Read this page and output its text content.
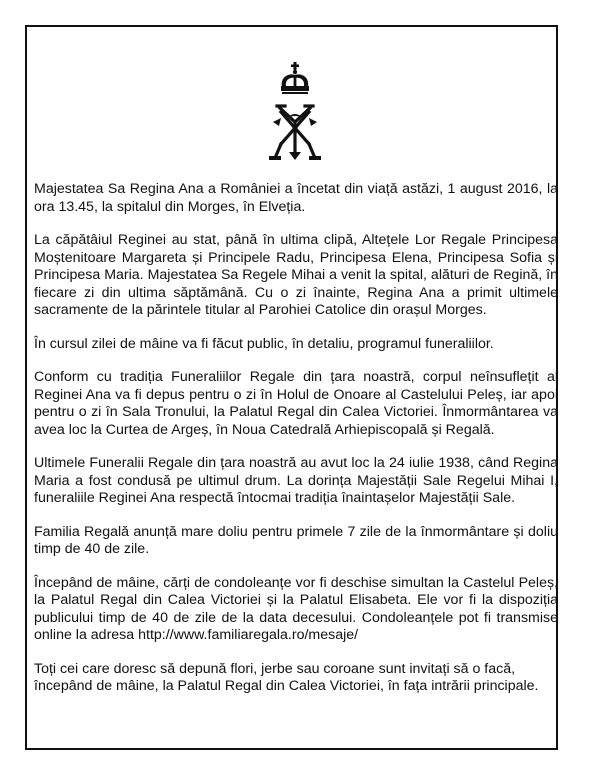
Majestatea Sa Regina Ana a României a încetat din viață astăzi, 1 august 2016, la ora 13.45, la spitalul din Morges, în Elveția.

La căpătâiul Reginei au stat, până în ultima clipă, Altețele Lor Regale Principesa Moștenitoare Margareta și Principele Radu, Principesa Elena, Principesa Sofia și Principesa Maria. Majestatea Sa Regele Mihai a venit la spital, alături de Regină, în fiecare zi din ultima săptămână. Cu o zi înainte, Regina Ana a primit ultimele sacramente de la părintele titular al Parohiei Catolice din orașul Morges.

În cursul zilei de mâine va fi făcut public, în detaliu, programul funeraliilor.

Conform cu tradiția Funeraliilor Regale din țara noastră, corpul neînsuflețit al Reginei Ana va fi depus pentru o zi în Holul de Onoare al Castelului Peleș, iar apoi pentru o zi în Sala Tronului, la Palatul Regal din Calea Victoriei. Înmormântarea va avea loc la Curtea de Argeș, în Noua Catedrală Arhiepiscopală și Regală.

Ultimele Funeralii Regale din țara noastră au avut loc la 24 iulie 1938, când Regina Maria a fost condusă pe ultimul drum. La dorința Majestății Sale Regelui Mihai I, funeraliile Reginei Ana respectă întocmai tradiția înaintașelor Majestății Sale.

Familia Regală anunță mare doliu pentru primele 7 zile de la înmormântare și doliu timp de 40 de zile.

Începând de mâine, cărți de condoleanțe vor fi deschise simultan la Castelul Peleș, la Palatul Regal din Calea Victoriei și la Palatul Elisabeta. Ele vor fi la dispoziția publicului timp de 40 de zile de la data decesului. Condoleanțele pot fi transmise online la adresa http://www.familiaregala.ro/mesaje/

Toți cei care doresc să depună flori, jerbe sau coroane sunt invitați să o facă, începând de mâine, la Palatul Regal din Calea Victoriei, în fața intrării principale.
